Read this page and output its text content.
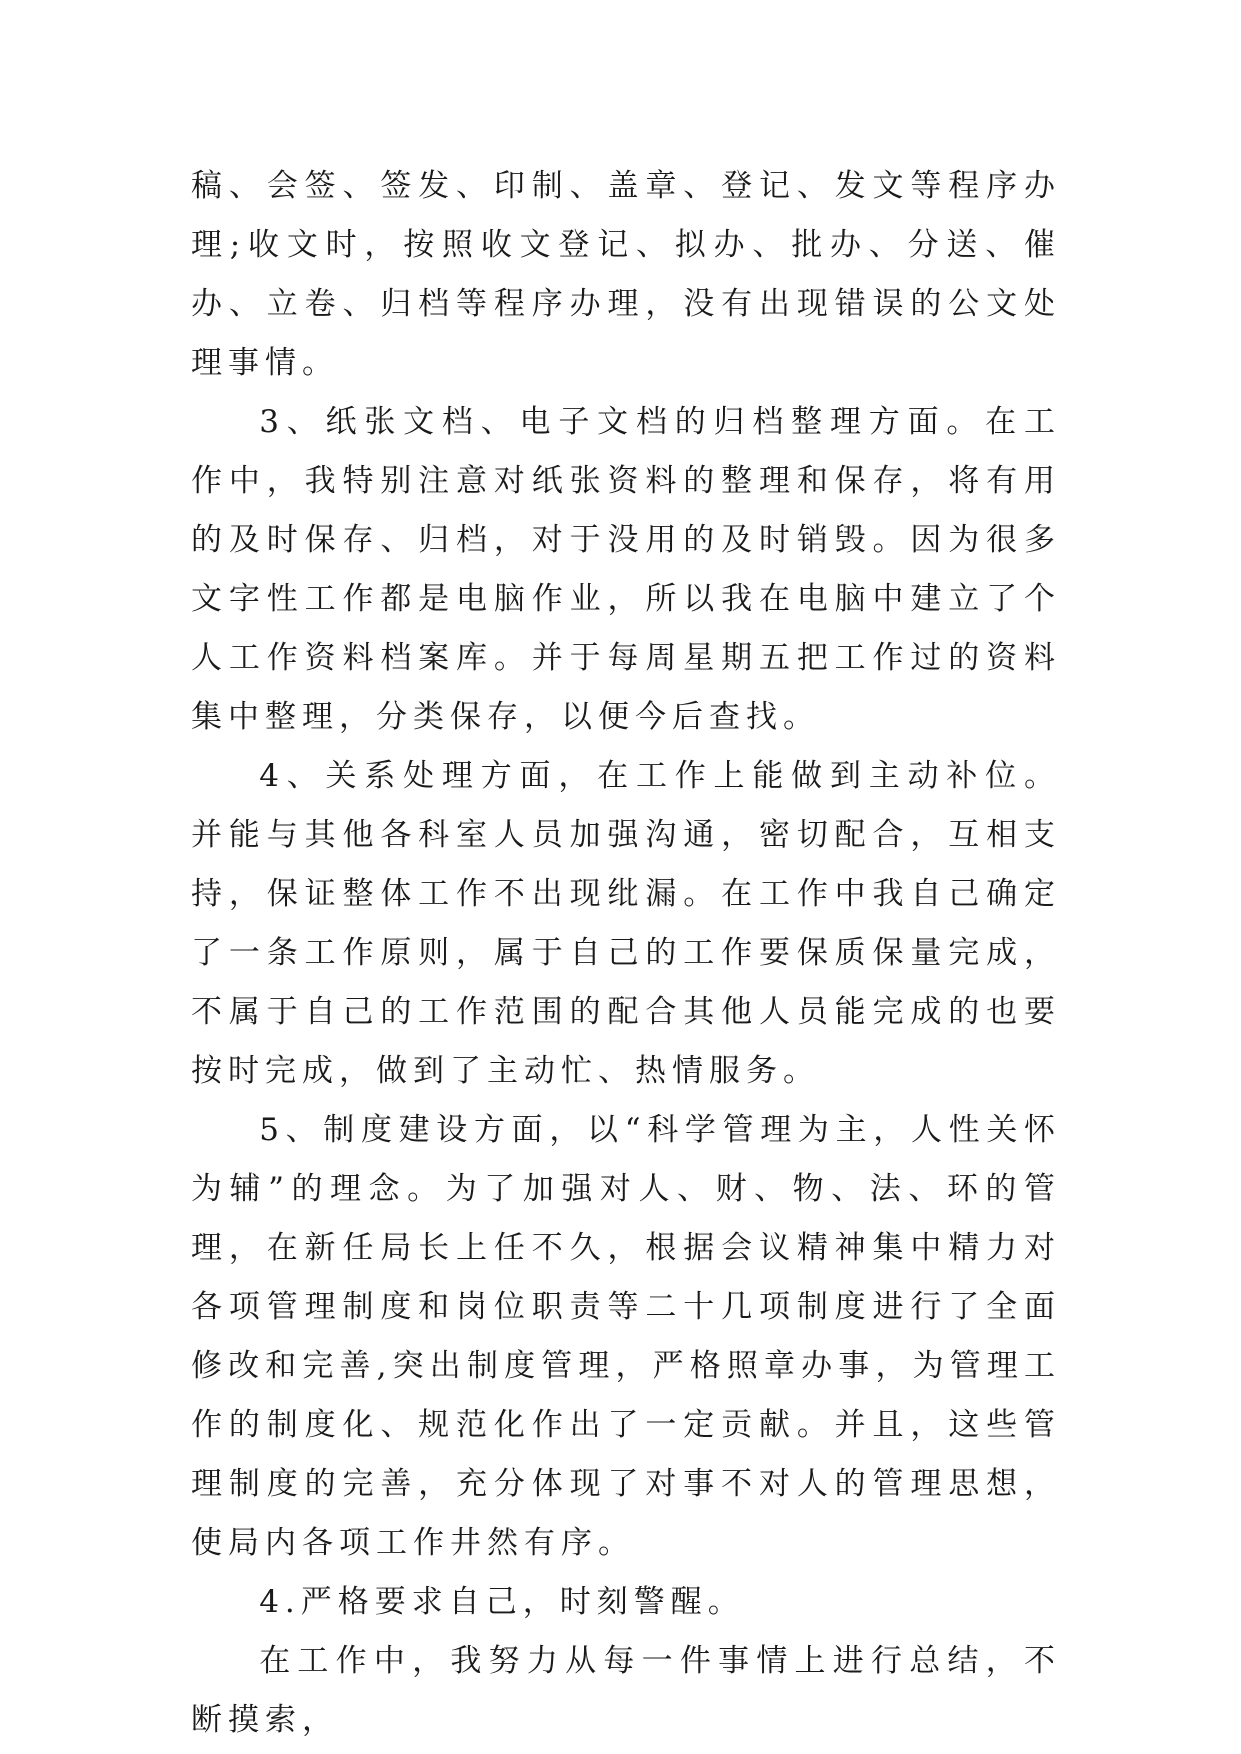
稿、会签、签发、印制、盖章、登记、发文等程序办理;收文时，按照收文登记、拟办、批办、分送、催办、立卷、归档等程序办理，没有出现错误的公文处理事情。

3、纸张文档、电子文档的归档整理方面。在工作中，我特别注意对纸张资料的整理和保存，将有用的及时保存、归档，对于没用的及时销毁。因为很多文字性工作都是电脑作业，所以我在电脑中建立了个人工作资料档案库。并于每周星期五把工作过的资料集中整理，分类保存，以便今后查找。

4、关系处理方面，在工作上能做到主动补位。并能与其他各科室人员加强沟通，密切配合，互相支持，保证整体工作不出现纰漏。在工作中我自己确定了一条工作原则，属于自己的工作要保质保量完成，不属于自己的工作范围的配合其他人员能完成的也要按时完成，做到了主动忙、热情服务。

5、制度建设方面，以“科学管理为主，人性关怀为辅”的理念。为了加强对人、财、物、法、环的管理，在新任局长上任不久，根据会议精神集中精力对各项管理制度和岗位职责等二十几项制度进行了全面修改和完善,突出制度管理，严格照章办事，为管理工作的制度化、规范化作出了一定贡献。并且，这些管理制度的完善，充分体现了对事不对人的管理思想，使局内各项工作井然有序。

4.严格要求自己，时刻警醒。

在工作中，我努力从每一件事情上进行总结，不断摸索，
